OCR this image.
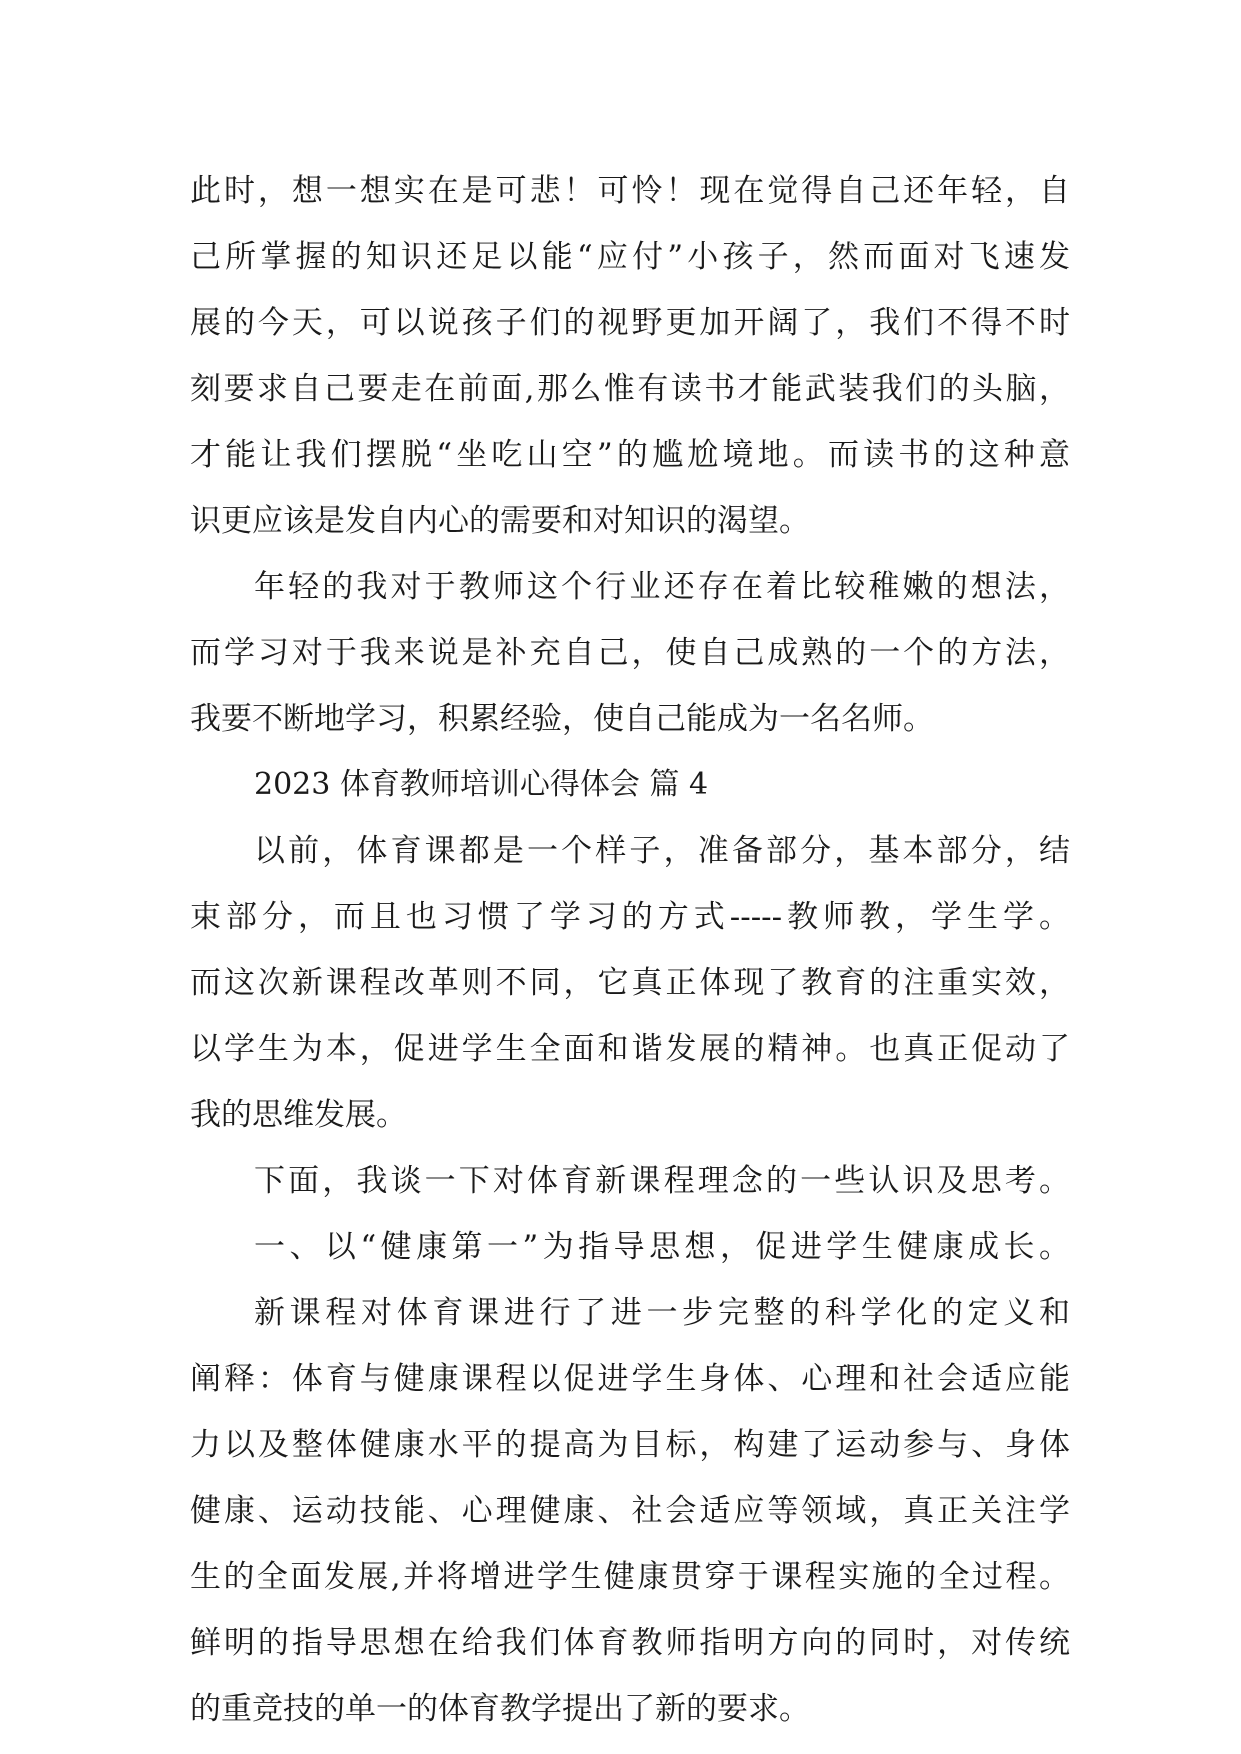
此时，想一想实在是可悲！可怜！现在觉得自己还年轻，自
己所掌握的知识还足以能“应付”小孩子，然而面对飞速发
展的今天，可以说孩子们的视野更加开阔了，我们不得不时
刻要求自己要走在前面,那么惟有读书才能武装我们的头脑，
才能让我们摆脱“坐吃山空”的尴尬境地。而读书的这种意
识更应该是发自内心的需要和对知识的渴望。
年轻的我对于教师这个行业还存在着比较稚嫩的想法，
而学习对于我来说是补充自己，使自己成熟的一个的方法，
我要不断地学习，积累经验，使自己能成为一名名师。
2023 体育教师培训心得体会 篇 4
以前，体育课都是一个样子，准备部分，基本部分，结
束部分，而且也习惯了学习的方式-----教师教，学生学。
而这次新课程改革则不同，它真正体现了教育的注重实效，
以学生为本，促进学生全面和谐发展的精神。也真正促动了
我的思维发展。
下面，我谈一下对体育新课程理念的一些认识及思考。
一、以“健康第一”为指导思想，促进学生健康成长。
新课程对体育课进行了进一步完整的科学化的定义和
阐释：体育与健康课程以促进学生身体、心理和社会适应能
力以及整体健康水平的提高为目标，构建了运动参与、身体
健康、运动技能、心理健康、社会适应等领域，真正关注学
生的全面发展,并将增进学生健康贯穿于课程实施的全过程。
鲜明的指导思想在给我们体育教师指明方向的同时，对传统
的重竞技的单一的体育教学提出了新的要求。
